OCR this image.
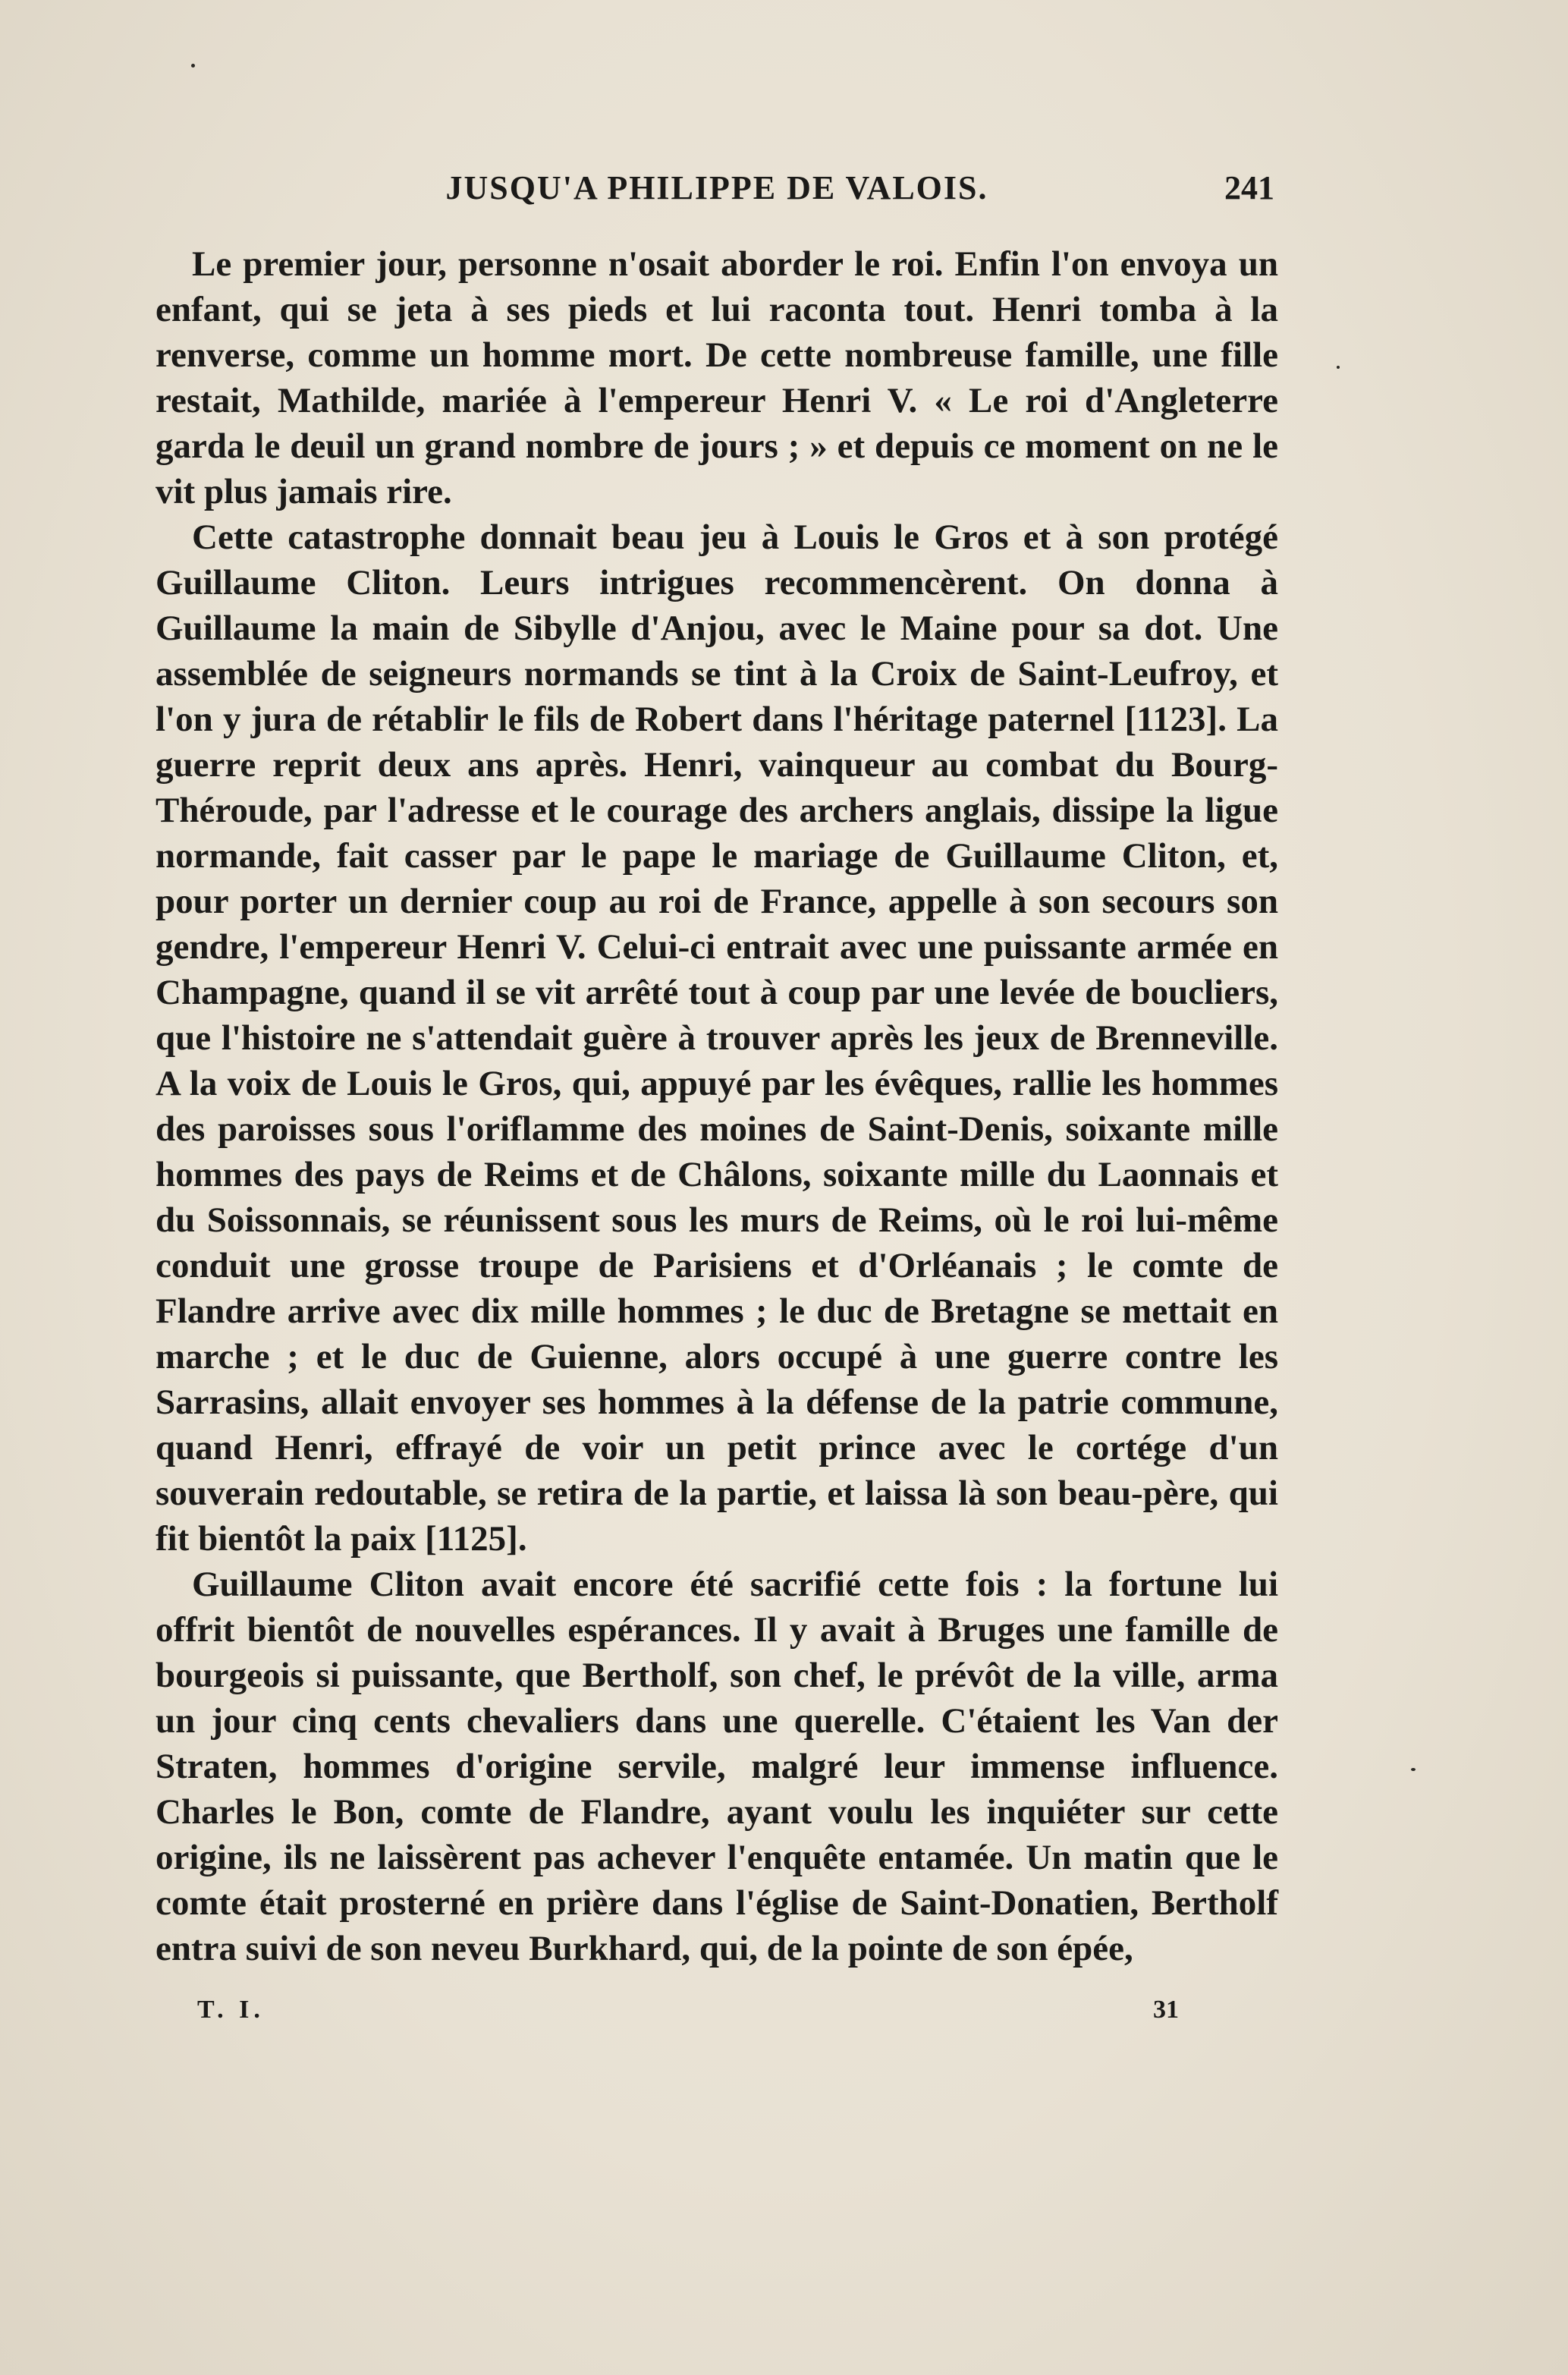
JUSQU'A PHILIPPE DE VALOIS.	241

Le premier jour, personne n'osait aborder le roi. Enfin l'on envoya un enfant, qui se jeta à ses pieds et lui raconta tout. Henri tomba à la renverse, comme un homme mort. De cette nombreuse famille, une fille restait, Mathilde, mariée à l'empereur Henri V. « Le roi d'Angleterre garda le deuil un grand nombre de jours ; » et depuis ce moment on ne le vit plus jamais rire.

Cette catastrophe donnait beau jeu à Louis le Gros et à son protégé Guillaume Cliton. Leurs intrigues recommencèrent. On donna à Guillaume la main de Sibylle d'Anjou, avec le Maine pour sa dot. Une assemblée de seigneurs normands se tint à la Croix de Saint-Leufroy, et l'on y jura de rétablir le fils de Robert dans l'héritage paternel [1123]. La guerre reprit deux ans après. Henri, vainqueur au combat du Bourg-Théroude, par l'adresse et le courage des archers anglais, dissipe la ligue normande, fait casser par le pape le mariage de Guillaume Cliton, et, pour porter un dernier coup au roi de France, appelle à son secours son gendre, l'empereur Henri V. Celui-ci entrait avec une puissante armée en Champagne, quand il se vit arrêté tout à coup par une levée de boucliers, que l'histoire ne s'attendait guère à trouver après les jeux de Brenneville. A la voix de Louis le Gros, qui, appuyé par les évêques, rallie les hommes des paroisses sous l'oriflamme des moines de Saint-Denis, soixante mille hommes des pays de Reims et de Châlons, soixante mille du Laonnais et du Soissonnais, se réunissent sous les murs de Reims, où le roi lui-même conduit une grosse troupe de Parisiens et d'Orléanais ; le comte de Flandre arrive avec dix mille hommes ; le duc de Bretagne se mettait en marche ; et le duc de Guienne, alors occupé à une guerre contre les Sarrasins, allait envoyer ses hommes à la défense de la patrie commune, quand Henri, effrayé de voir un petit prince avec le cortége d'un souverain redoutable, se retira de la partie, et laissa là son beau-père, qui fit bientôt la paix [1125].

Guillaume Cliton avait encore été sacrifié cette fois : la fortune lui offrit bientôt de nouvelles espérances. Il y avait à Bruges une famille de bourgeois si puissante, que Bertholf, son chef, le prévôt de la ville, arma un jour cinq cents chevaliers dans une querelle. C'étaient les Van der Straten, hommes d'origine servile, malgré leur immense influence. Charles le Bon, comte de Flandre, ayant voulu les inquiéter sur cette origine, ils ne laissèrent pas achever l'enquête entamée. Un matin que le comte était prosterné en prière dans l'église de Saint-Donatien, Bertholf entra suivi de son neveu Burkhard, qui, de la pointe de son épée,

T. I.	31
